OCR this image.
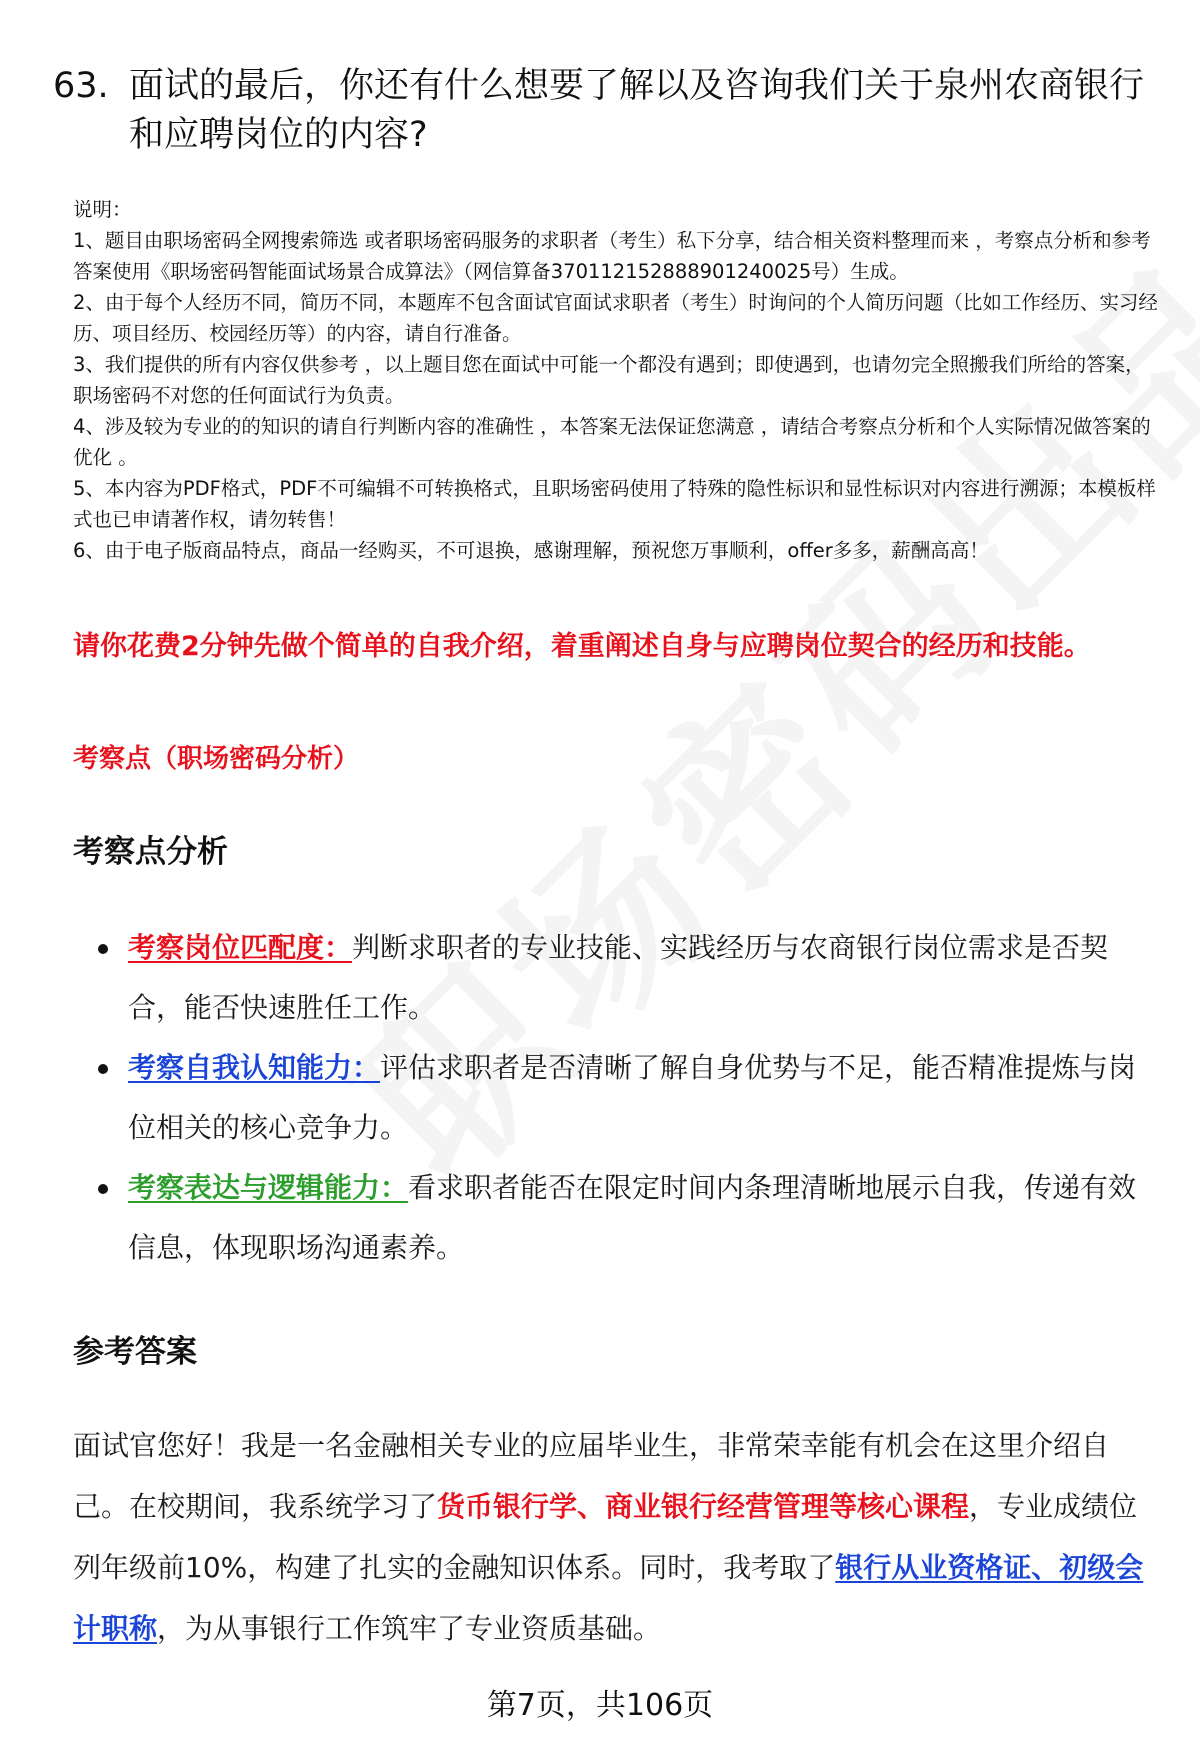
63. 面试的最后，你还有什么想要了解以及咨询我们关于泉州农商银行和应聘岗位的内容?

说明：

1、题目由职场密码全网搜索筛选 或者职场密码服务的求职者（考生）私下分享，结合相关资料整理而来 ，考察点分析和参考答案使用《职场密码智能面试场景合成算法》（网信算备370112152888901240025号）生成。

2、由于每个人经历不同，简历不同，本题库不包含面试官面试求职者（考生）时询问的个人简历问题（比如工作经历、实习经历、项目经历、校园经历等）的内容，请自行准备。

3、我们提供的所有内容仅供参考 ，以上题目您在面试中可能一个都没有遇到；即使遇到，也请勿完全照搬我们所给的答案，职场密码不对您的任何面试行为负责。

4、涉及较为专业的的知识的请自行判断内容的准确性 ，本答案无法保证您满意 ，请结合考察点分析和个人实际情况做答案的优化 。

5、本内容为PDF格式，PDF不可编辑不可转换格式，且职场密码使用了特殊的隐性标识和显性标识对内容进行溯源；本模板样式也已申请著作权，请勿转售！

6、由于电子版商品特点，商品一经购买，不可退换，感谢理解，预祝您万事顺利，offer多多，薪酬高高！

请你花费2分钟先做个简单的自我介绍，着重阐述自身与应聘岗位契合的经历和技能。
考察点（职场密码分析）
考察点分析
考察岗位匹配度：判断求职者的专业技能、实践经历与农商银行岗位需求是否契合，能否快速胜任工作。
考察自我认知能力：评估求职者是否清晰了解自身优势与不足，能否精准提炼与岗位相关的核心竞争力。
考察表达与逻辑能力：看求职者能否在限定时间内条理清晰地展示自我，传递有效信息，体现职场沟通素养。
参考答案

面试官您好！我是一名金融相关专业的应届毕业生，非常荣幸能有机会在这里介绍自己。在校期间，我系统学习了货币银行学、商业银行经营管理等核心课程，专业成绩位列年级前10%，构建了扎实的金融知识体系。同时，我考取了银行从业资格证、初级会计职称，为从事银行工作筑牢了专业资质基础。

第7页，共106页
